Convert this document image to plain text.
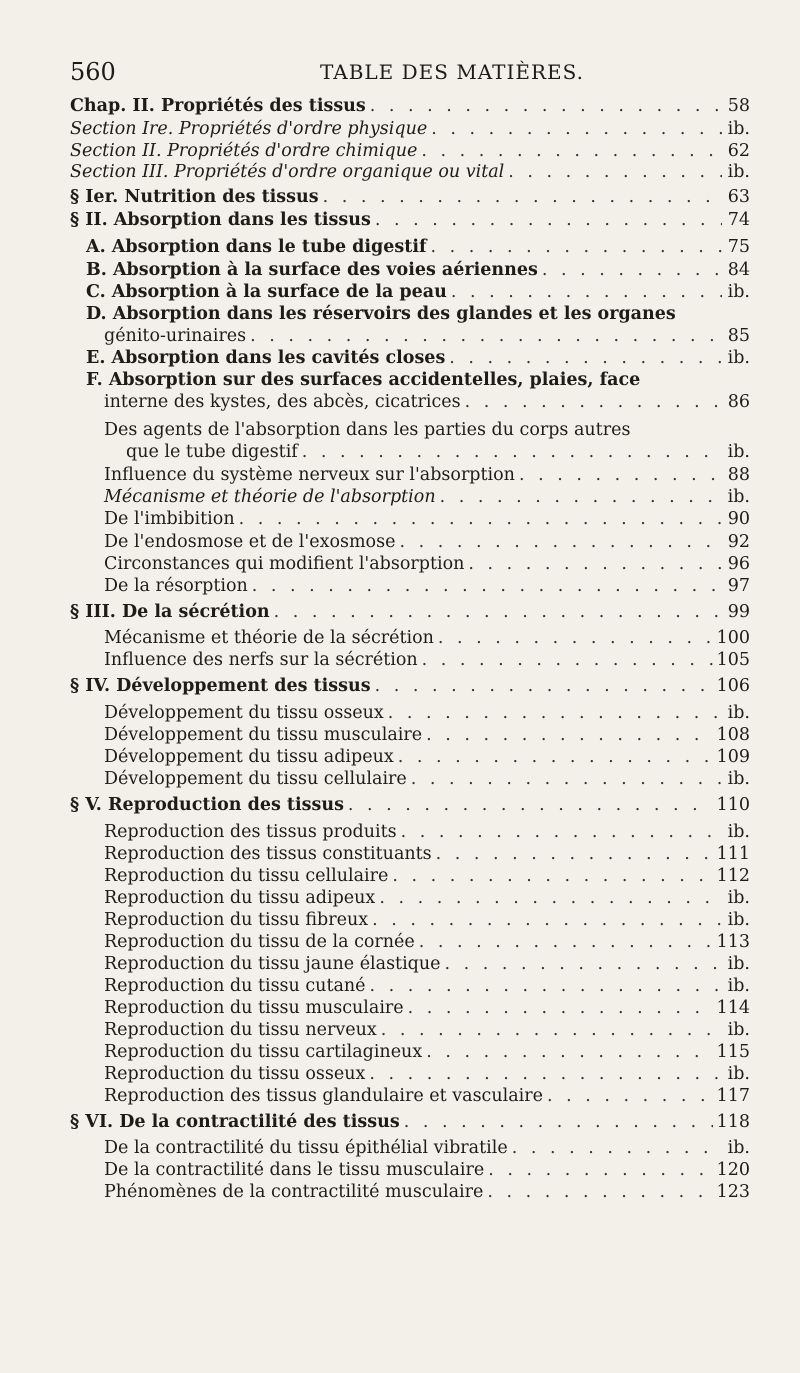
560	TABLE DES MATIÈRES.
Chap. II. Propriétés des tissus . . .	58
Section Ire. Propriétés d'ordre physique . . .	ib.
Section II. Propriétés d'ordre chimique . . .	62
Section III. Propriétés d'ordre organique ou vital . . .	ib.
§ Ier. Nutrition des tissus . . .	63
§ II. Absorption dans les tissus . . .	74
A. Absorption dans le tube digestif . . .	75
B. Absorption à la surface des voies aériennes . . .	84
C. Absorption à la surface de la peau . . .	ib.
D. Absorption dans les réservoirs des glandes et les organes
génito-urinaires . . .	85
E. Absorption dans les cavités closes . . .	ib.
F. Absorption sur des surfaces accidentelles, plaies, face
interne des kystes, des abcès, cicatrices . . .	86
Des agents de l'absorption dans les parties du corps autres
que le tube digestif . . .	ib.
Influence du système nerveux sur l'absorption . . .	88
Mécanisme et théorie de l'absorption . . .	ib.
De l'imbibition . . .	90
De l'endosmose et de l'exosmose . . .	92
Circonstances qui modifient l'absorption . . .	96
De la résorption . . .	97
§ III. De la sécrétion . . .	99
Mécanisme et théorie de la sécrétion . . .	100
Influence des nerfs sur la sécrétion . . .	105
§ IV. Développement des tissus . . .	106
Développement du tissu osseux . . .	ib.
Développement du tissu musculaire . . .	108
Développement du tissu adipeux . . .	109
Développement du tissu cellulaire . . .	ib.
§ V. Reproduction des tissus . . .	110
Reproduction des tissus produits . . .	ib.
Reproduction des tissus constituants . . .	111
Reproduction du tissu cellulaire . . .	112
Reproduction du tissu adipeux . . .	ib.
Reproduction du tissu fibreux . . .	ib.
Reproduction du tissu de la cornée . . .	113
Reproduction du tissu jaune élastique . . .	ib.
Reproduction du tissu cutané . . .	ib.
Reproduction du tissu musculaire . . .	114
Reproduction du tissu nerveux . . .	ib.
Reproduction du tissu cartilagineux . . .	115
Reproduction du tissu osseux . . .	ib.
Reproduction des tissus glandulaire et vasculaire . . .	117
§ VI. De la contractilité des tissus . . .	118
De la contractilité du tissu épithélial vibratile . . .	ib.
De la contractilité dans le tissu musculaire . . .	120
Phénomènes de la contractilité musculaire . . .	123
